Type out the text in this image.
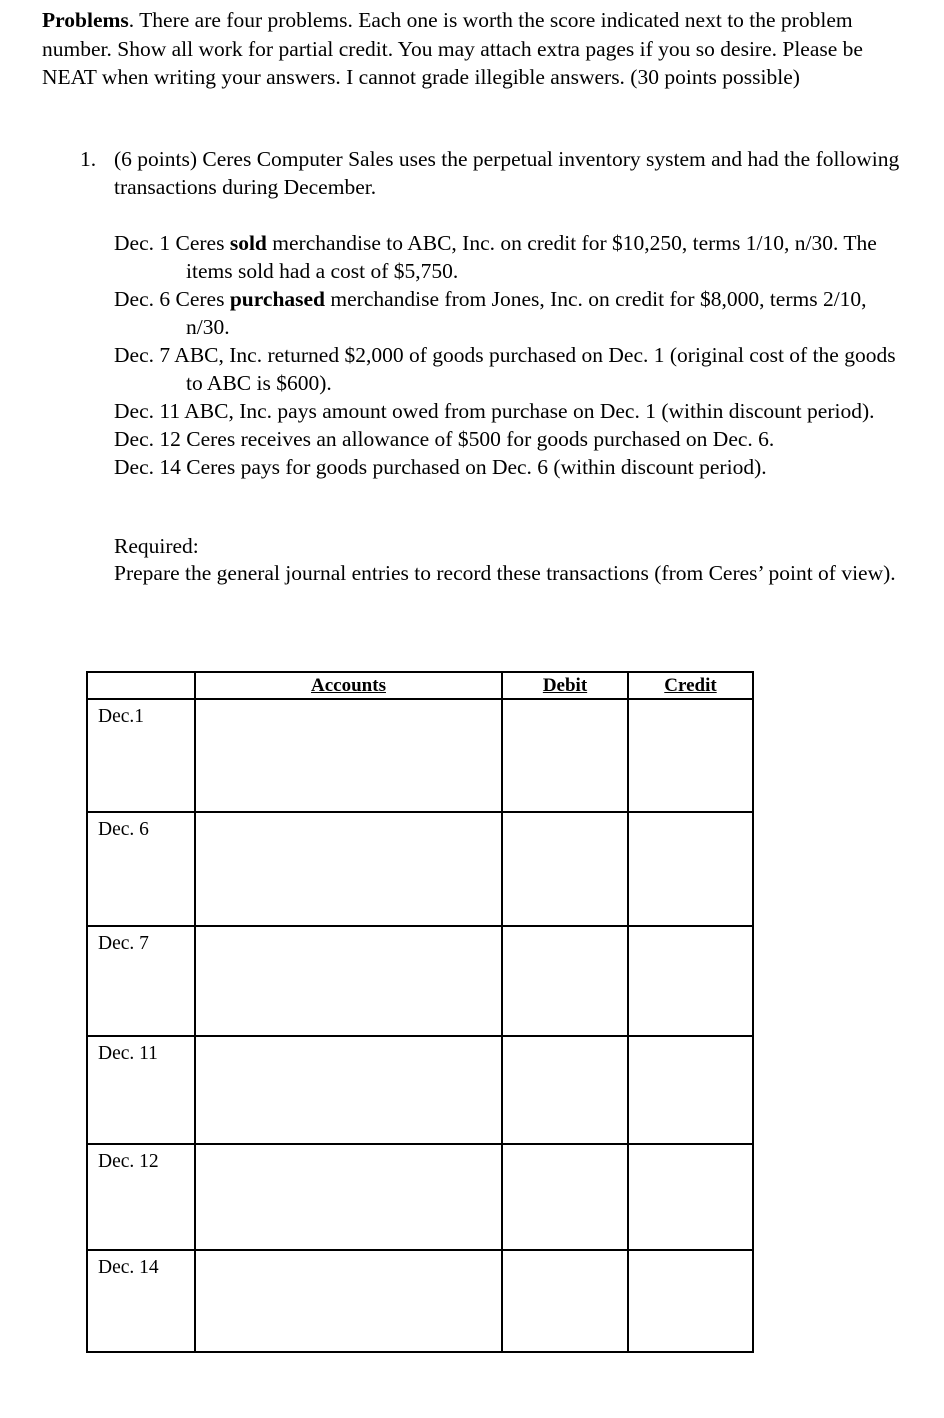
Problems. There are four problems. Each one is worth the score indicated next to the problem number. Show all work for partial credit. You may attach extra pages if you so desire. Please be NEAT when writing your answers. I cannot grade illegible answers. (30 points possible)

1. (6 points) Ceres Computer Sales uses the perpetual inventory system and had the following transactions during December.

Dec. 1 Ceres sold merchandise to ABC, Inc. on credit for $10,250, terms 1/10, n/30. The items sold had a cost of $5,750.

Dec. 6 Ceres purchased merchandise from Jones, Inc. on credit for $8,000, terms 2/10, n/30.

Dec. 7 ABC, Inc. returned $2,000 of goods purchased on Dec. 1 (original cost of the goods to ABC is $600).

Dec. 11 ABC, Inc. pays amount owed from purchase on Dec. 1 (within discount period).

Dec. 12 Ceres receives an allowance of $500 for goods purchased on Dec. 6.

Dec. 14 Ceres pays for goods purchased on Dec. 6 (within discount period).

Required:
Prepare the general journal entries to record these transactions (from Ceres’ point of view).
	Accounts	Debit	Credit
Dec.1			
Dec. 6			
Dec. 7			
Dec. 11			
Dec. 12			
Dec. 14			
